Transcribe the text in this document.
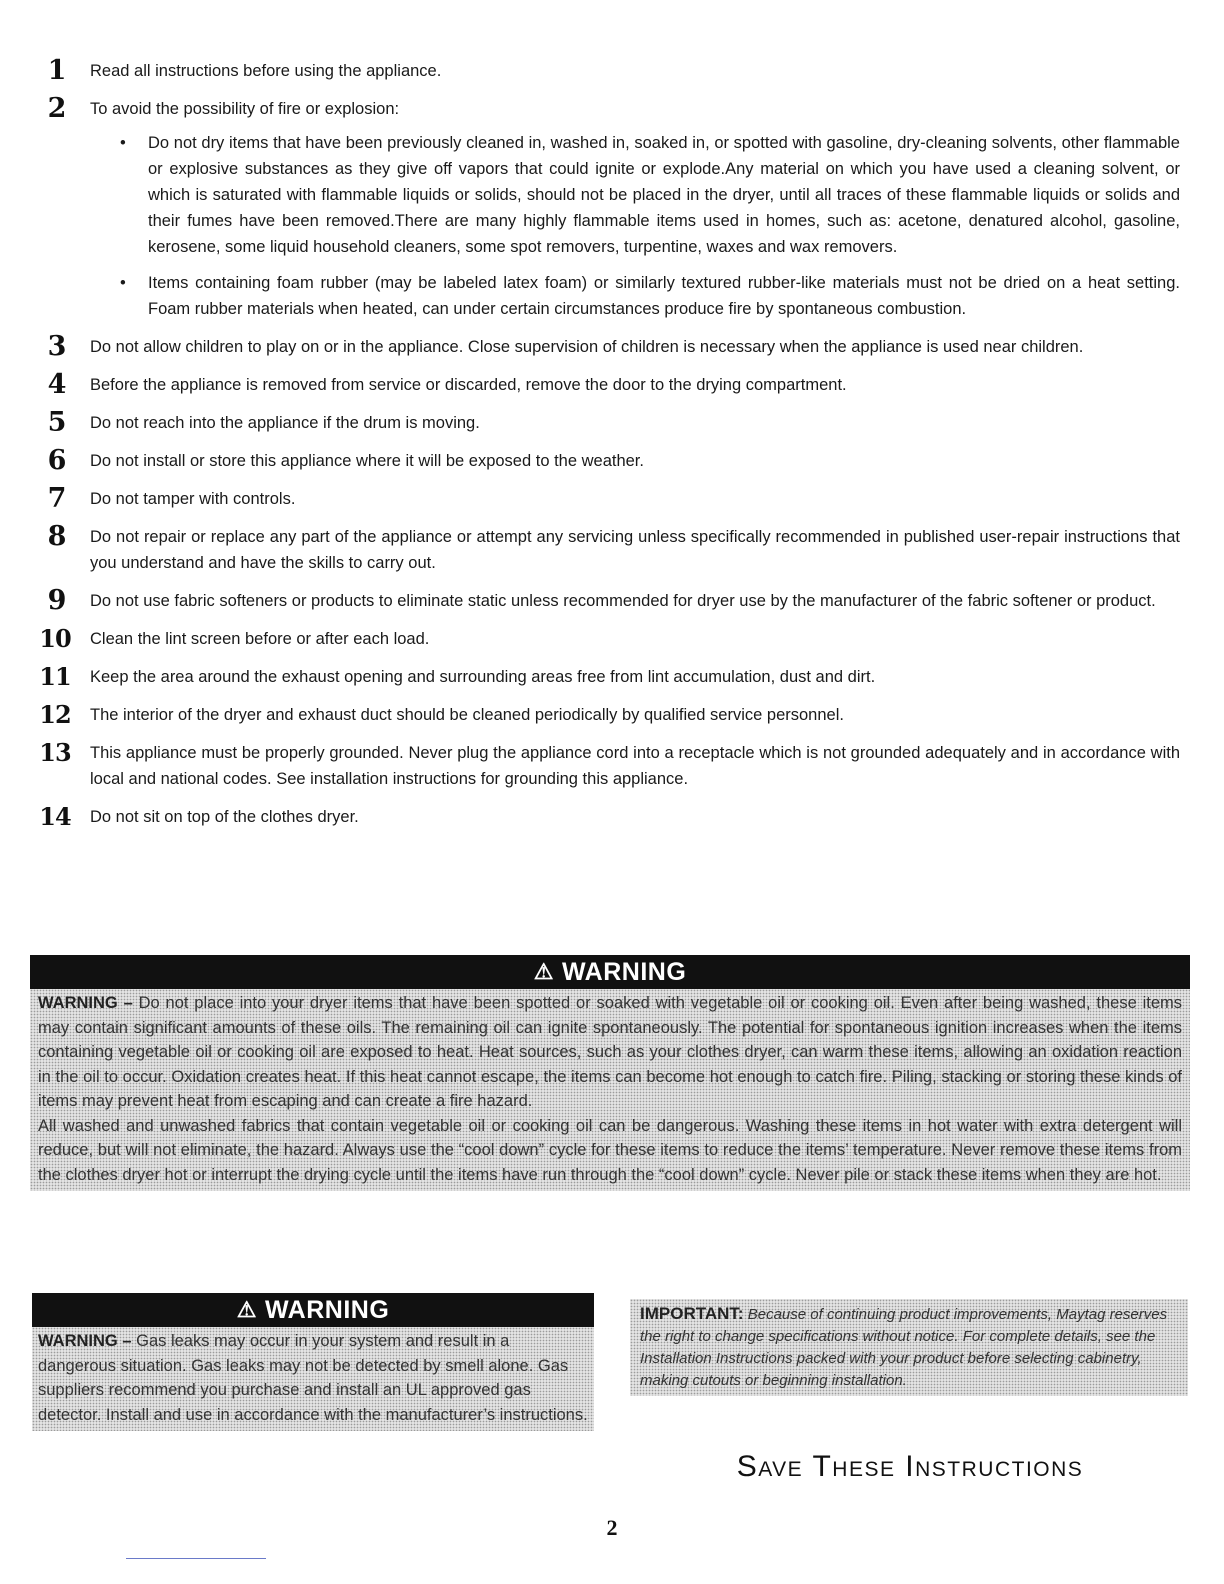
1	Read all instructions before using the appliance.
2	To avoid the possibility of fire or explosion:
• Do not dry items that have been previously cleaned in, washed in, soaked in, or spotted with gasoline, dry-cleaning solvents, other flammable or explosive substances as they give off vapors that could ignite or explode.Any material on which you have used a cleaning solvent, or which is saturated with flammable liquids or solids, should not be placed in the dryer, until all traces of these flammable liquids or solids and their fumes have been removed.There are many highly flammable items used in homes, such as: acetone, denatured alcohol, gasoline, kerosene, some liquid household cleaners, some spot removers, turpentine, waxes and wax removers.
• Items containing foam rubber (may be labeled latex foam) or similarly textured rubber-like materials must not be dried on a heat setting. Foam rubber materials when heated, can under certain circumstances produce fire by spontaneous combustion.
3	Do not allow children to play on or in the appliance. Close supervision of children is necessary when the appliance is used near children.
4	Before the appliance is removed from service or discarded, remove the door to the drying compartment.
5	Do not reach into the appliance if the drum is moving.
6	Do not install or store this appliance where it will be exposed to the weather.
7	Do not tamper with controls.
8	Do not repair or replace any part of the appliance or attempt any servicing unless specifically recommended in published user-repair instructions that you understand and have the skills to carry out.
9	Do not use fabric softeners or products to eliminate static unless recommended for dryer use by the manufacturer of the fabric softener or product.
10	Clean the lint screen before or after each load.
11	Keep the area around the exhaust opening and surrounding areas free from lint accumulation, dust and dirt.
12	The interior of the dryer and exhaust duct should be cleaned periodically by qualified service personnel.
13	This appliance must be properly grounded. Never plug the appliance cord into a receptacle which is not grounded adequately and in accordance with local and national codes. See installation instructions for grounding this appliance.
14	Do not sit on top of the clothes dryer.
⚠ WARNING
WARNING – Do not place into your dryer items that have been spotted or soaked with vegetable oil or cooking oil. Even after being washed, these items may contain significant amounts of these oils. The remaining oil can ignite spontaneously. The potential for spontaneous ignition increases when the items containing vegetable oil or cooking oil are exposed to heat. Heat sources, such as your clothes dryer, can warm these items, allowing an oxidation reaction in the oil to occur. Oxidation creates heat. If this heat cannot escape, the items can become hot enough to catch fire. Piling, stacking or storing these kinds of items may prevent heat from escaping and can create a fire hazard.
All washed and unwashed fabrics that contain vegetable oil or cooking oil can be dangerous. Washing these items in hot water with extra detergent will reduce, but will not eliminate, the hazard. Always use the “cool down” cycle for these items to reduce the items’ temperature. Never remove these items from the clothes dryer hot or interrupt the drying cycle until the items have run through the “cool down” cycle. Never pile or stack these items when they are hot.
⚠ WARNING
WARNING – Gas leaks may occur in your system and result in a dangerous situation. Gas leaks may not be detected by smell alone. Gas suppliers recommend you purchase and install an UL approved gas detector. Install and use in accordance with the manufacturer’s instructions.
IMPORTANT: Because of continuing product improvements, Maytag reserves the right to change specifications without notice. For complete details, see the Installation Instructions packed with your product before selecting cabinetry, making cutouts or beginning installation.
Save These Instructions
2
